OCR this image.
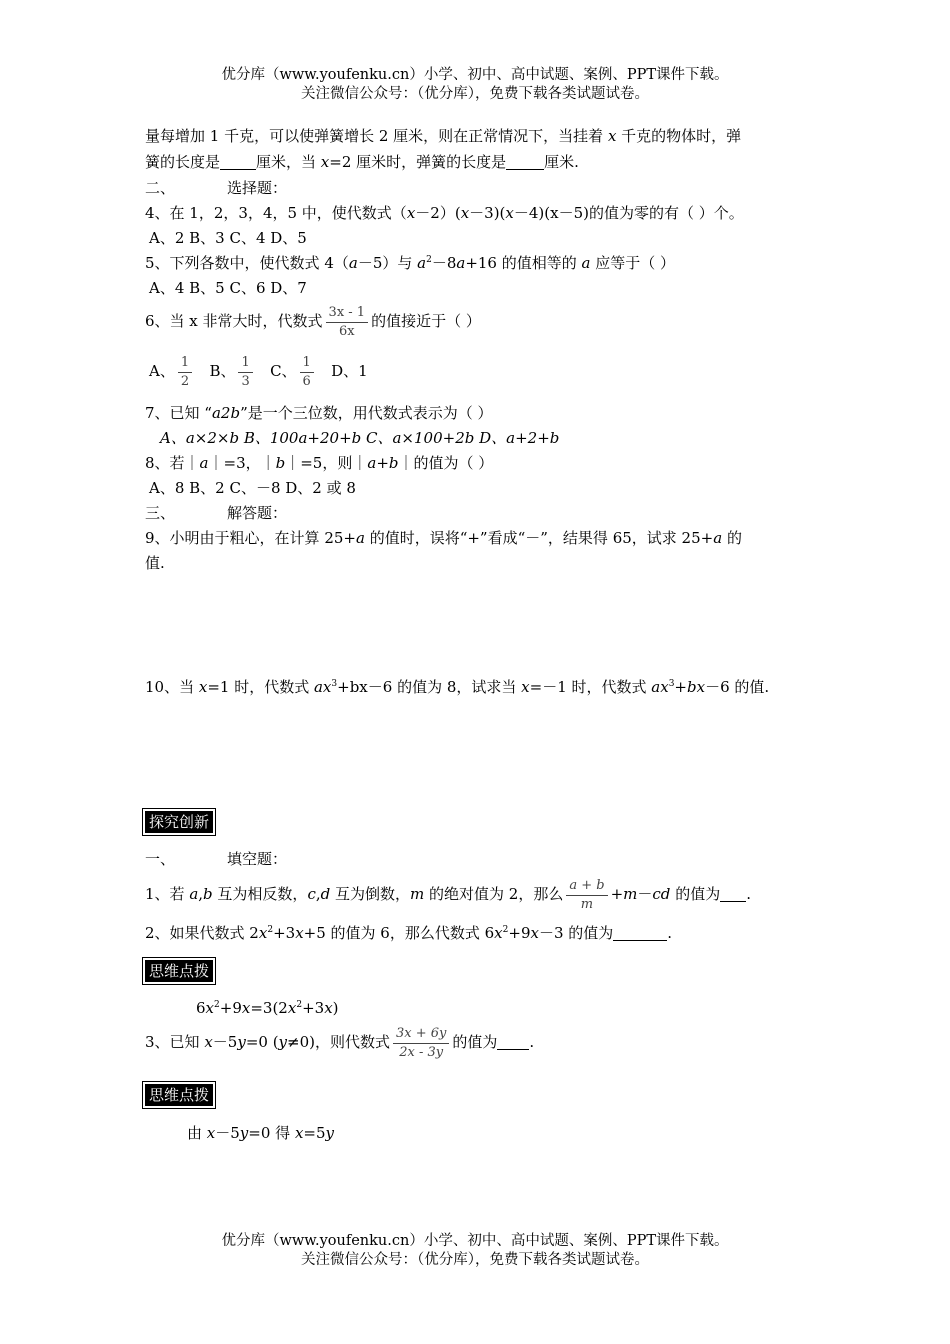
优分库（www.youfenku.cn）小学、初中、高中试题、案例、PPT课件下载。
关注微信公众号：（优分库），免费下载各类试题试卷。
量每增加 1 千克，可以使弹簧增长 2 厘米，则在正常情况下，当挂着 x 千克的物体时，弹
簧的长度是 厘米，当 x=2 厘米时，弹簧的长度是	厘米.
二、	选择题：
4、在 1，2，3，4，5 中，使代数式（x－2）(x－3)(x－4)(x－5)的值为零的有（ ）个。
A、2 B、3 C、4 D、5
5、下列各数中，使代数式 4（a－5）与 $a^2-8a+16$ 的值相等的 a 应等于（ ）
A、4 B、5 C、6 D、7
6、当 x 非常大时，代数式 $\frac{3x - 1}{6x}$ 的值接近于（ ）
A、 $\frac{1}{2}$ B、 $\frac{1}{3}$ C、 $\frac{1}{6}$ D、1
7、已知 “a2b”是一个三位数，用代数式表示为（ ）
A、a×2×b B、100a+20+b C、a×100+2b D、a+2+b
8、若｜a｜=3，｜b｜=5，则｜a+b｜的值为（ ）
A、8 B、2 C、－8 D、2 或 8
三、	解答题：
9、小明由于粗心，在计算 25+a 的值时，误将“+”看成“－”，结果得 65，试求 25+a 的
值.
10、当 x=1 时，代数式 $ax^3+bx-6$ 的值为 8，试求当 x=－1 时，代数式 $ax^3+bx-6$ 的值.
探究创新
一、	填空题：
1、若 a,b 互为相反数，c,d 互为倒数，m 的绝对值为 2，那么 $\frac{a + b}{m} +m-cd$ 的值为 .
2、如果代数式 $2x^2+3x+5$ 的值为 6，那么代数式 $6x^2+9x-3$ 的值为	.
思维点拨
$6x^2+9x=3(2x^2+3x)$
3、已知 x－5y=0 (y≠0)，则代数式 $\frac{3x + 6y}{2x - 3y}$ 的值为 .
思维点拨
由 x－5y=0 得 x=5y
优分库（www.youfenku.cn）小学、初中、高中试题、案例、PPT课件下载。
关注微信公众号：（优分库），免费下载各类试题试卷。
